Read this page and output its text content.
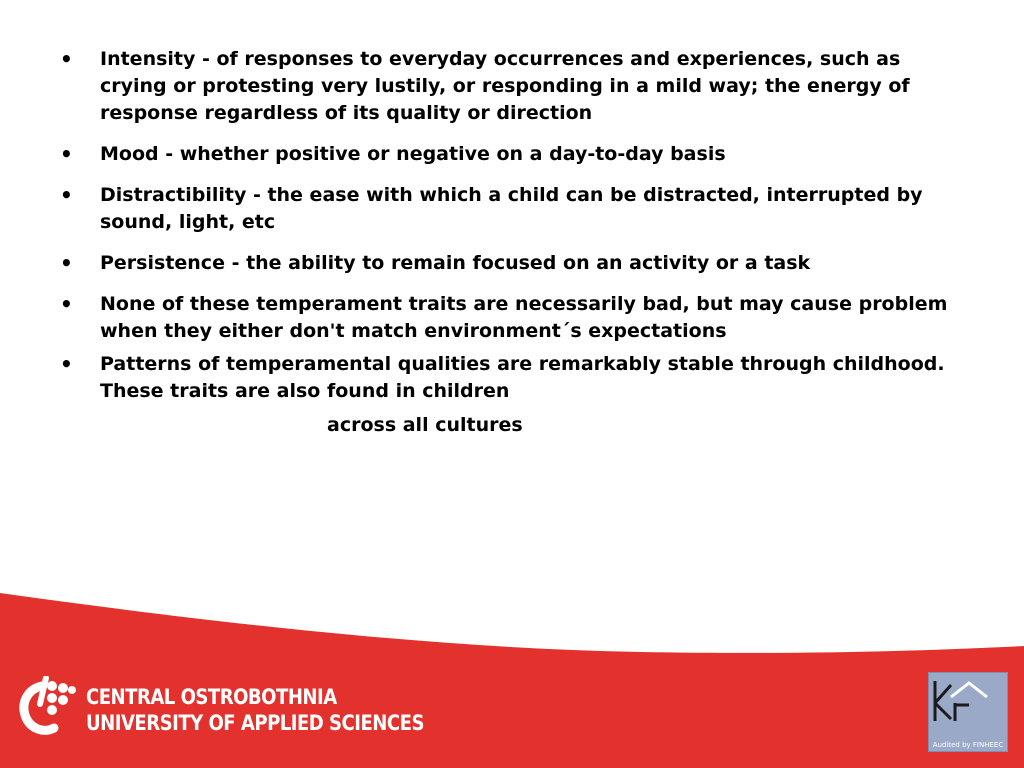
• Intensity - of responses to everyday occurrences and experiences, such as crying or protesting very lustily, or responding in a mild way; the energy of response regardless of its quality or direction
• Mood - whether positive or negative on a day-to-day basis
• Distractibility - the ease with which a child can be distracted, interrupted by sound, light, etc
• Persistence - the ability to remain focused on an activity or a task
• None of these temperament traits are necessarily bad, but may cause problem when they either don't match environment´s expectations
• Patterns of temperamental qualities are remarkably stable through childhood. These traits are also found in children
across all cultures
CENTRAL OSTROBOTHNIA
UNIVERSITY OF APPLIED SCIENCES
Audited by FINHEEC
